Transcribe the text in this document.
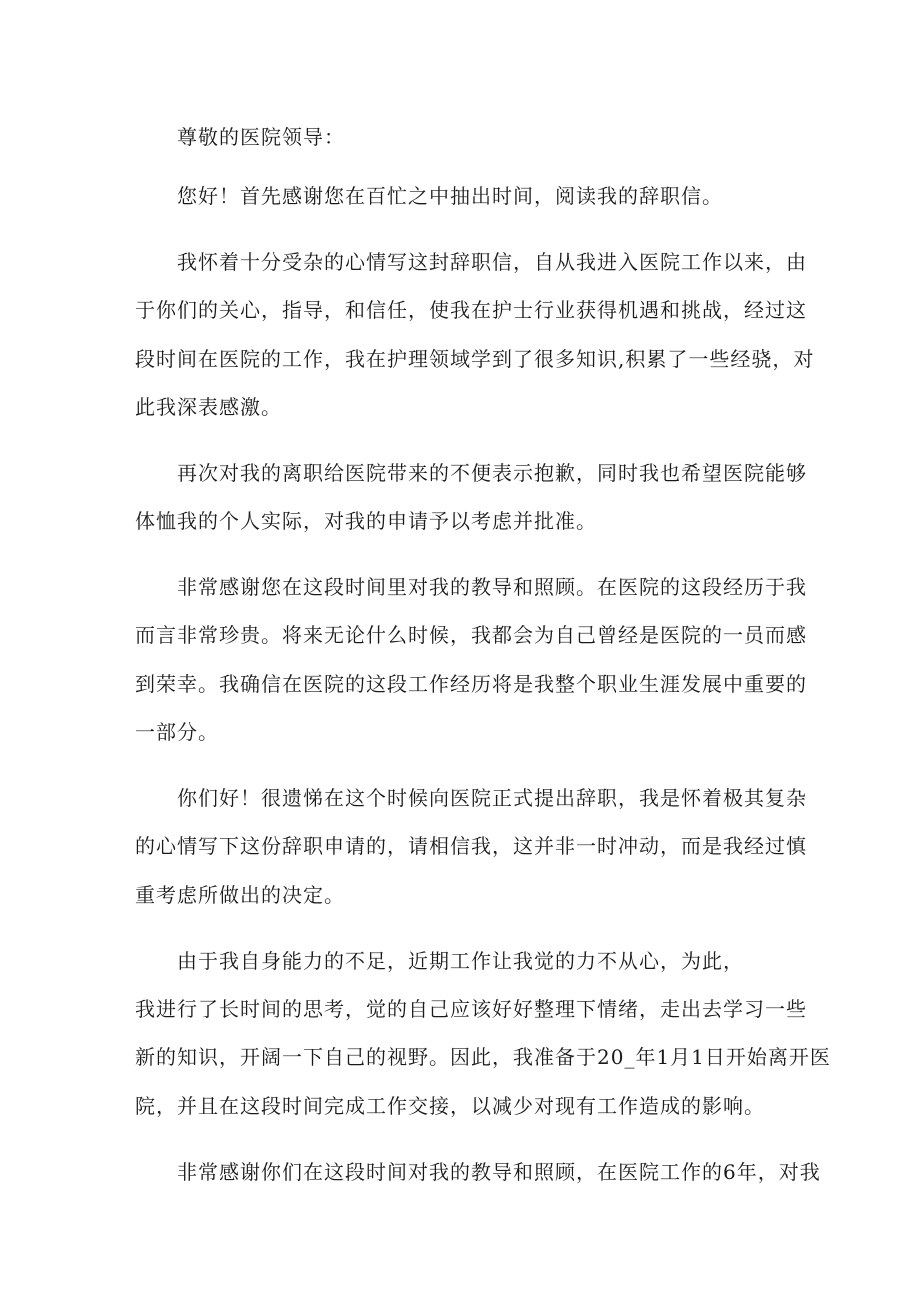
尊敬的医院领导：
您好！首先感谢您在百忙之中抽出时间，阅读我的辞职信。
我怀着十分受杂的心情写这封辞职信，自从我进入医院工作以来，由
于你们的关心，指导，和信任，使我在护士行业获得机遇和挑战，经过这
段时间在医院的工作，我在护理领域学到了很多知识,积累了一些经骁，对
此我深表感激。
再次对我的离职给医院带来的不便表示抱歉，同时我也希望医院能够
体恤我的个人实际，对我的申请予以考虑并批准。
非常感谢您在这段时间里对我的教导和照顾。在医院的这段经历于我
而言非常珍贵。将来无论什么时候，我都会为自己曾经是医院的一员而感
到荣幸。我确信在医院的这段工作经历将是我整个职业生涯发展中重要的
一部分。
你们好！很遗悌在这个时候向医院正式提出辞职，我是怀着极其复杂
的心情写下这份辞职申请的，请相信我，这并非一时冲动，而是我经过慎
重考虑所做出的决定。
由于我自身能力的不足，近期工作让我觉的力不从心，为此，
我进行了长时间的思考，觉的自己应该好好整理下情绪，走出去学习一些
新的知识，开阔一下自己的视野。因此，我准备于20_年1月1日开始离开医
院，并且在这段时间完成工作交接，以减少对现有工作造成的影响。
非常感谢你们在这段时间对我的教导和照顾，在医院工作的6年，对我
